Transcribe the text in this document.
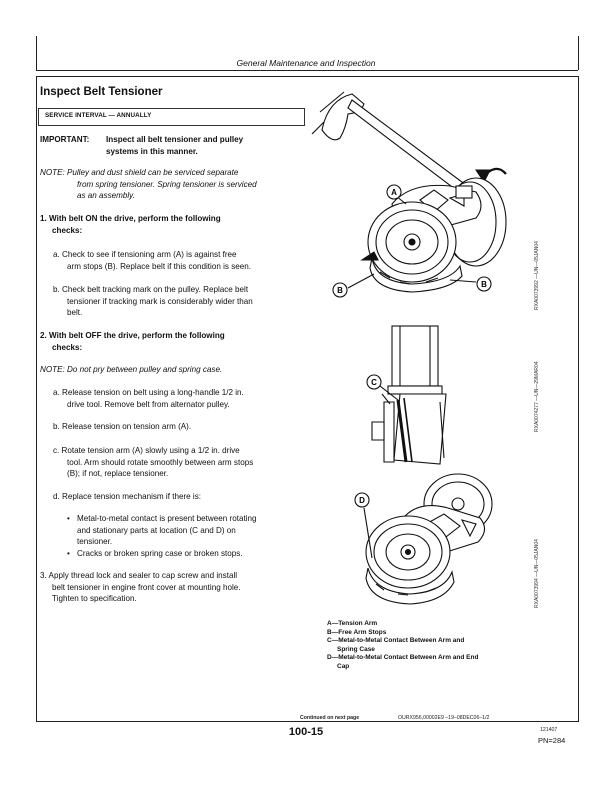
General Maintenance and Inspection
Inspect Belt Tensioner
SERVICE INTERVAL — ANNUALLY
IMPORTANT: Inspect all belt tensioner and pulley
systems in this manner.
NOTE: Pulley and dust shield can be serviced separate
from spring tensioner. Spring tensioner is serviced
as an assembly.
1. With belt ON the drive, perform the following
checks:
a. Check to see if tensioning arm (A) is against free
arm stops (B). Replace belt if this condition is seen.
b. Check belt tracking mark on the pulley. Replace belt
tensioner if tracking mark is considerably wider than
belt.
2. With belt OFF the drive, perform the following
checks:
NOTE: Do not pry between pulley and spring case.
a. Release tension on belt using a long-handle 1/2 in.
drive tool. Remove belt from alternator pulley.
b. Release tension on tension arm (A).
c. Rotate tension arm (A) slowly using a 1/2 in. drive
tool. Arm should rotate smoothly between arm stops
(B); if not, replace tensioner.
d. Replace tension mechanism if there is:
• Metal-to-metal contact is present between rotating
and stationary parts at location (C and D) on
tensioner.
• Cracks or broken spring case or broken stops.
3. Apply thread lock and sealer to cap screw and install
belt tensioner in engine front cover at mounting hole.
Tighten to specification.
A
B
B	RXA0073992 —UN—05JAN04
C	RXA0074277 —UN—29MAR04
D
RXA0073994 —UN—05JAN04
A—Tension Arm
B—Free Arm Stops
C—Metal-to-Metal Contact Between Arm and
Spring Case
D—Metal-to-Metal Contact Between Arm and End
Cap
Continued on next page	OURX956,00002E9 –19–08DEC06–1/2
100-15	121407
PN=284
